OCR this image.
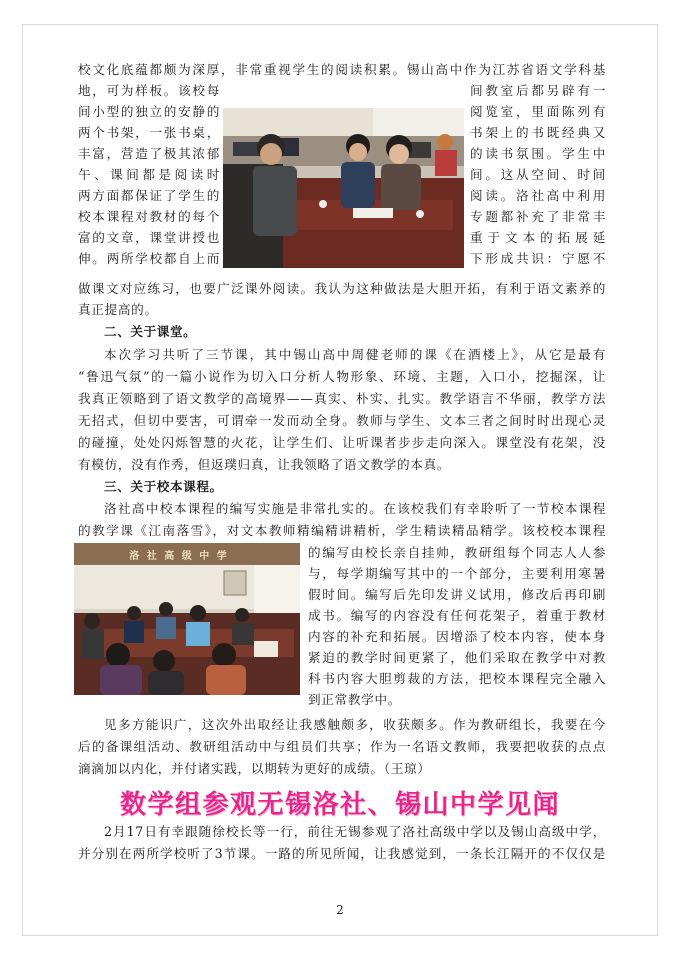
校文化底蕴都颇为深厚，非常重视学生的阅读积累。锡山高中作为江苏省语文学科基
地，可为样板。该校每
间小型的独立的安静的
两个书架，一张书桌，
丰富，营造了极其浓郁
午、课间都是阅读时
两方面都保证了学生的
校本课程对教材的每个
富的文章，课堂讲授也
伸。两所学校都自上而
间教室后都另辟有一
阅览室，里面陈列有
书架上的书既经典又
的读书氛围。学生中
间。这从空间、时间
阅读。洛社高中利用
专题都补充了非常丰
重于文本的拓展延
下形成共识：宁愿不
做课文对应练习，也要广泛课外阅读。我认为这种做法是大胆开拓，有利于语文素养的
真正提高的。
二、关于课堂。
本次学习共听了三节课，其中锡山高中周健老师的课《在酒楼上》，从它是最有
“鲁迅气氛”的一篇小说作为切入口分析人物形象、环境、主题，入口小，挖掘深，让
我真正领略到了语文教学的高境界——真实、朴实、扎实。教学语言不华丽，教学方法
无招式，但切中要害，可谓牵一发而动全身。教师与学生、文本三者之间时时出现心灵
的碰撞，处处闪烁智慧的火花，让学生们、让听课者步步走向深入。课堂没有花架，没
有模仿，没有作秀，但返璞归真，让我领略了语文教学的本真。
三、关于校本课程。
洛社高中校本课程的编写实施是非常扎实的。在该校我们有幸聆听了一节校本课程
的教学课《江南落雪》，对文本教师精编精讲精析，学生精读精品精学。该校校本课程
洛 社 高 级 中 学	的编写由校长亲自挂帅，教研组每个同志人人参
与，每学期编写其中的一个部分，主要利用寒暑
假时间。编写后先印发讲义试用，修改后再印刷
成书。编写的内容没有任何花架子，着重于教材
内容的补充和拓展。因增添了校本内容，使本身
紧迫的教学时间更紧了，他们采取在教学中对教
科书内容大胆剪裁的方法，把校本课程完全融入
到正常教学中。
见多方能识广，这次外出取经让我感触颇多，收获颇多。作为教研组长，我要在今
后的备课组活动、教研组活动中与组员们共享；作为一名语文教师，我要把收获的点点
滴滴加以内化，并付诸实践，以期转为更好的成绩。（王琼）
数学组参观无锡洛社、锡山中学见闻
2月17日有幸跟随徐校长等一行，前往无锡参观了洛社高级中学以及锡山高级中学，
并分别在两所学校听了3节课。一路的所见所闻，让我感觉到，一条长江隔开的不仅仅是
2
